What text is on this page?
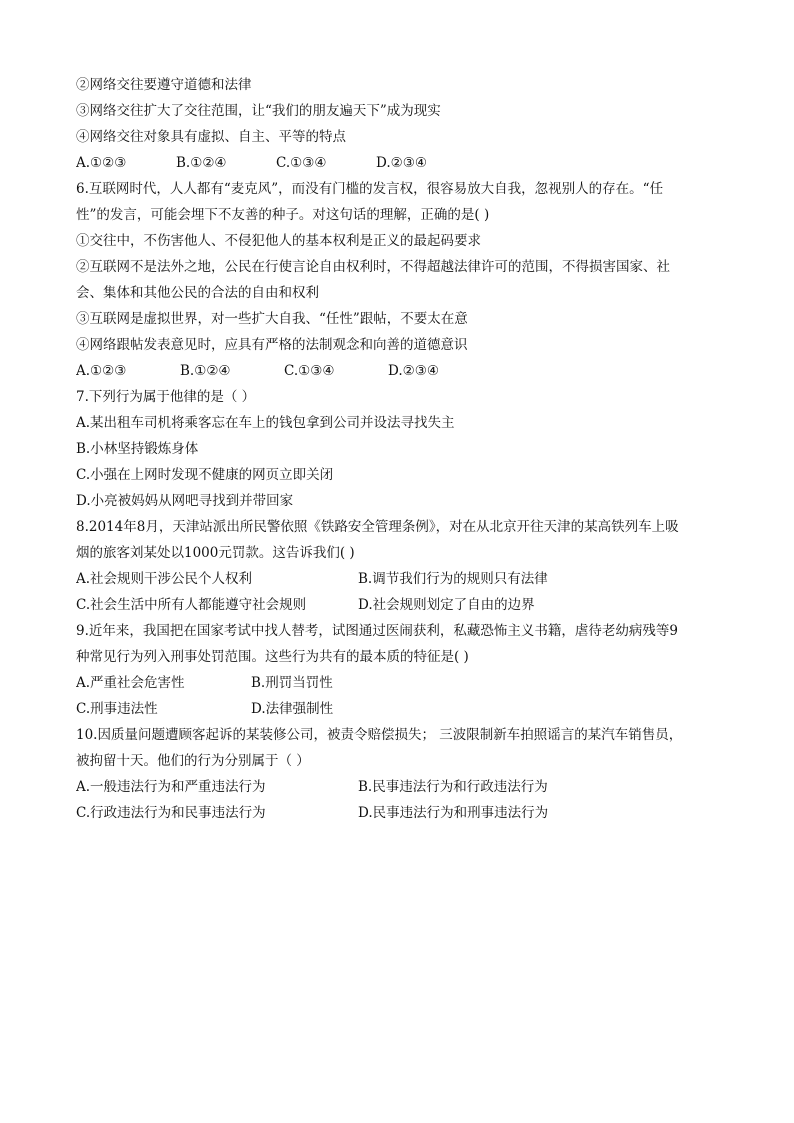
②网络交往要遵守道德和法律
③网络交往扩大了交往范围，让“我们的朋友遍天下”成为现实
④网络交往对象具有虚拟、自主、平等的特点
A.①②③	B.①②④	C.①③④	D.②③④
6.互联网时代，人人都有“麦克风”，而没有门槛的发言权，很容易放大自我，忽视别人的存在。“任
性”的发言，可能会埋下不友善的种子。对这句话的理解，正确的是( )
①交往中，不伤害他人、不侵犯他人的基本权利是正义的最起码要求
②互联网不是法外之地，公民在行使言论自由权利时，不得超越法律许可的范围，不得损害国家、社
会、集体和其他公民的合法的自由和权利
③互联网是虚拟世界，对一些扩大自我、“任性”跟帖，不要太在意
④网络跟帖发表意见时，应具有严格的法制观念和向善的道德意识
A.①②③	B.①②④	C.①③④	D.②③④
7.下列行为属于他律的是（ ）
A.某出租车司机将乘客忘在车上的钱包拿到公司并设法寻找失主
B.小林坚持锻炼身体
C.小强在上网时发现不健康的网页立即关闭
D.小亮被妈妈从网吧寻找到并带回家
8.2014年8月，天津站派出所民警依照《铁路安全管理条例》，对在从北京开往天津的某高铁列车上吸
烟的旅客刘某处以1000元罚款。这告诉我们( )
A.社会规则干涉公民个人权利	B.调节我们行为的规则只有法律
C.社会生活中所有人都能遵守社会规则	D.社会规则划定了自由的边界
9.近年来，我国把在国家考试中找人替考，试图通过医闹获利，私藏恐怖主义书籍，虐待老幼病残等9
种常见行为列入刑事处罚范围。这些行为共有的最本质的特征是( )
A.严重社会危害性	B.刑罚当罚性
C.刑事违法性	D.法律强制性
10.因质量问题遭顾客起诉的某装修公司，被责令赔偿损失； 三波限制新车拍照谣言的某汽车销售员，
被拘留十天。他们的行为分别属于（ ）
A.一般违法行为和严重违法行为	B.民事违法行为和行政违法行为
C.行政违法行为和民事违法行为	D.民事违法行为和刑事违法行为
